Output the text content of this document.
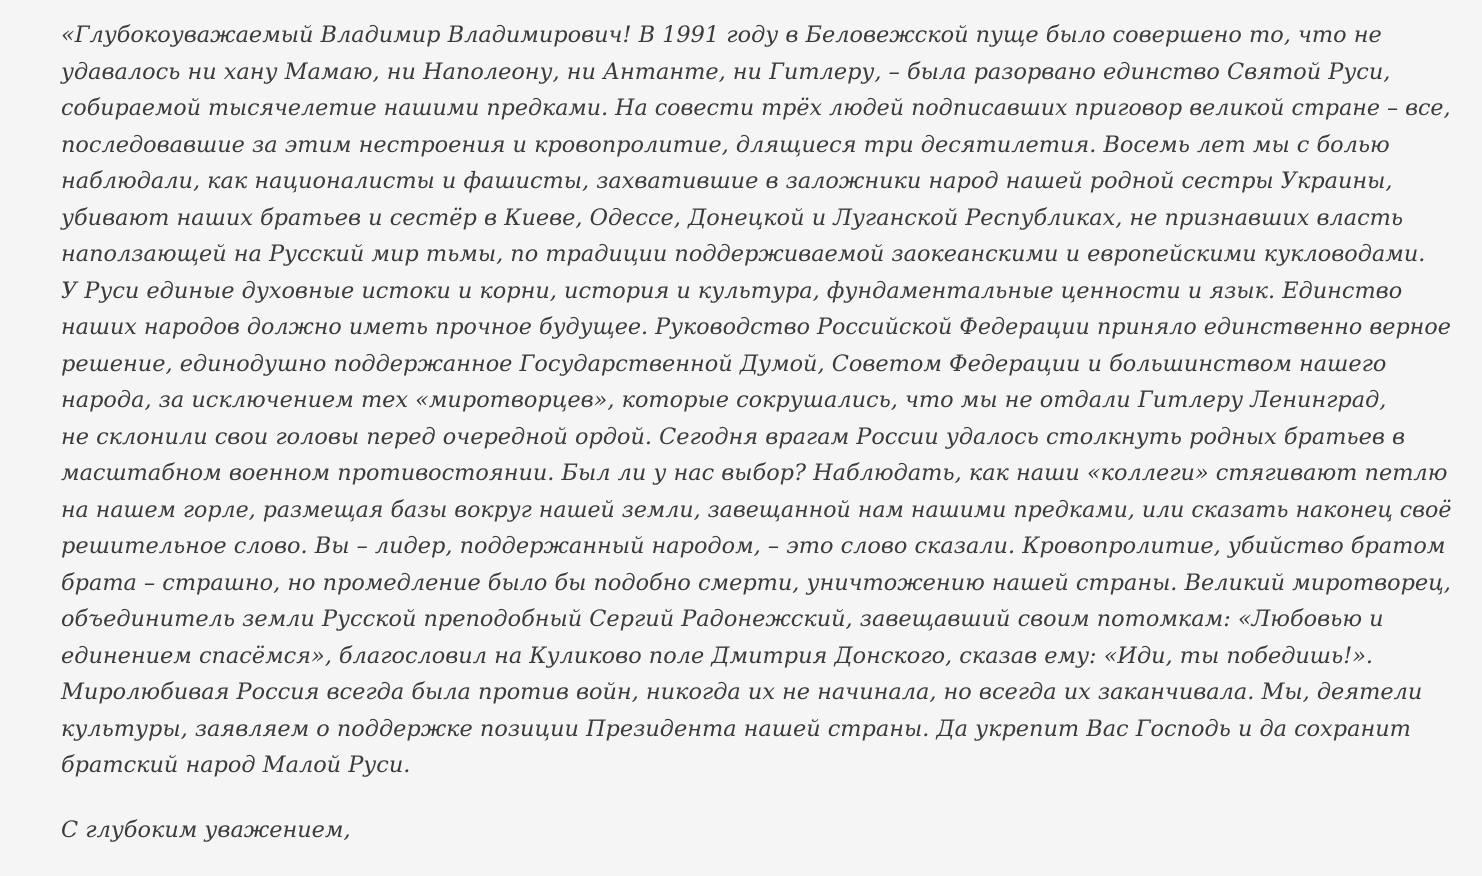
«Глубокоуважаемый Владимир Владимирович! В 1991 году в Беловежской пуще было совершено то, что не
удавалось ни хану Мамаю, ни Наполеону, ни Антанте, ни Гитлеру, – была разорвано единство Святой Руси,
собираемой тысячелетие нашими предками. На совести трёх людей подписавших приговор великой стране – все,
последовавшие за этим нестроения и кровопролитие, длящиеся три десятилетия. Восемь лет мы с болью
наблюдали, как националисты и фашисты, захватившие в заложники народ нашей родной сестры Украины,
убивают наших братьев и сестёр в Киеве, Одессе, Донецкой и Луганской Республиках, не признавших власть
наползающей на Русский мир тьмы, по традиции поддерживаемой заокеанскими и европейскими кукловодами.
У Руси единые духовные истоки и корни, история и культура, фундаментальные ценности и язык. Единство
наших народов должно иметь прочное будущее. Руководство Российской Федерации приняло единственно верное
решение, единодушно поддержанное Государственной Думой, Советом Федерации и большинством нашего
народа, за исключением тех «миротворцев», которые сокрушались, что мы не отдали Гитлеру Ленинград,
не склонили свои головы перед очередной ордой. Сегодня врагам России удалось столкнуть родных братьев в
масштабном военном противостоянии. Был ли у нас выбор? Наблюдать, как наши «коллеги» стягивают петлю
на нашем горле, размещая базы вокруг нашей земли, завещанной нам нашими предками, или сказать наконец своё
решительное слово. Вы – лидер, поддержанный народом, – это слово сказали. Кровопролитие, убийство братом
брата – страшно, но промедление было бы подобно смерти, уничтожению нашей страны. Великий миротворец,
объединитель земли Русской преподобный Сергий Радонежский, завещавший своим потомкам: «Любовью и
единением спасёмся», благословил на Куликово поле Дмитрия Донского, сказав ему: «Иди, ты победишь!».
Миролюбивая Россия всегда была против войн, никогда их не начинала, но всегда их заканчивала. Мы, деятели
культуры, заявляем о поддержке позиции Президента нашей страны. Да укрепит Вас Господь и да сохранит
братский народ Малой Руси.

С глубоким уважением,
